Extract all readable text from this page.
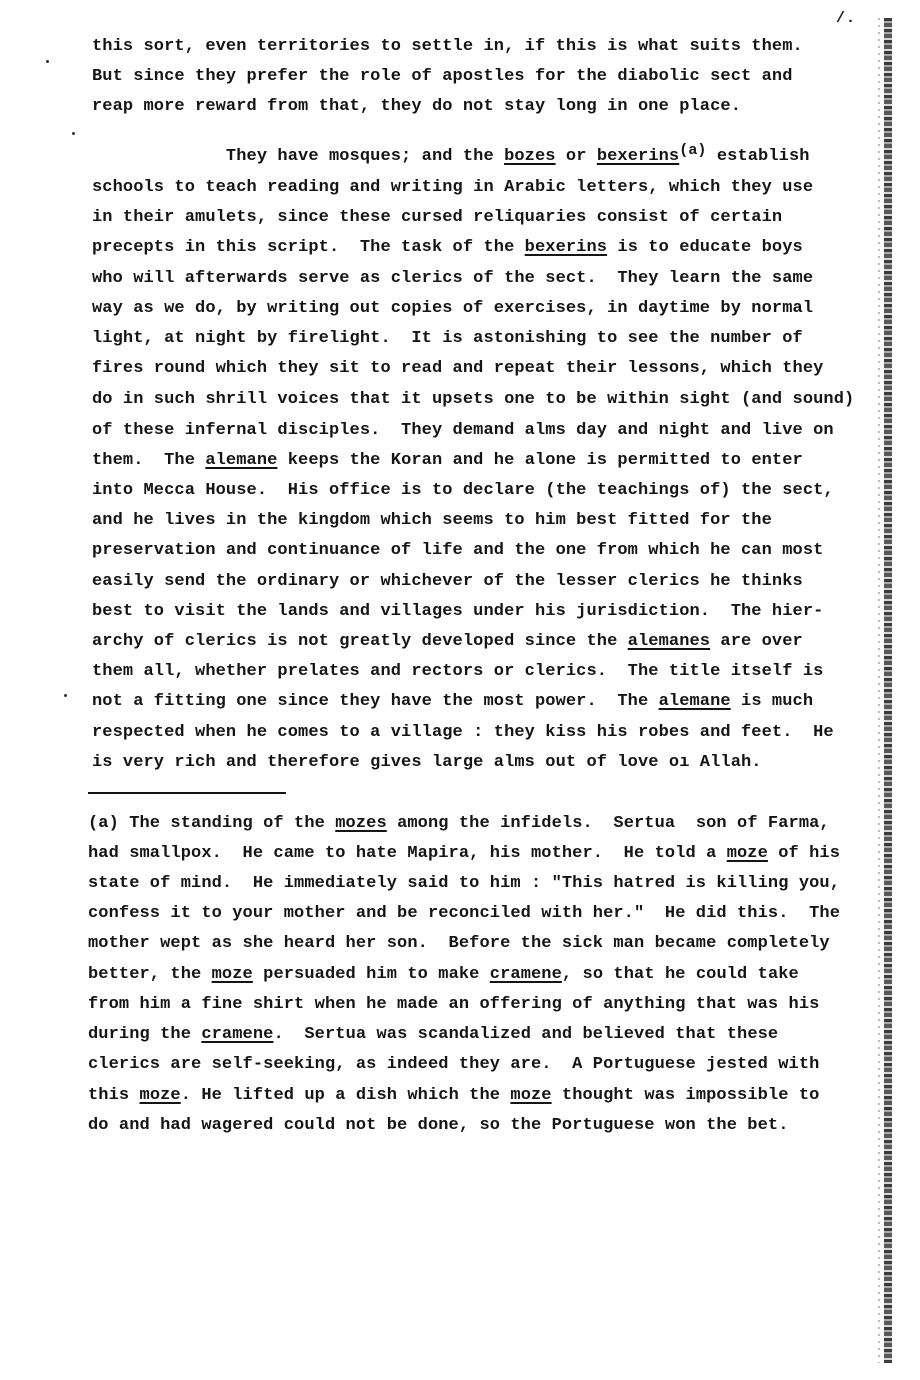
/.
this sort, even territories to settle in, if this is what suits them.
But since they prefer the role of apostles for the diabolic sect and
reap more reward from that, they do not stay long in one place.
They have mosques; and the bozes or bexerins$^{(a)}$ establish
schools to teach reading and writing in Arabic letters, which they use
in their amulets, since these cursed reliquaries consist of certain
precepts in this script.  The task of the bexerins is to educate boys
who will afterwards serve as clerics of the sect.  They learn the same
way as we do, by writing out copies of exercises, in daytime by normal
light, at night by firelight.  It is astonishing to see the number of
fires round which they sit to read and repeat their lessons, which they
do in such shrill voices that it upsets one to be within sight (and sound)
of these infernal disciples.  They demand alms day and night and live on
them.  The alemane keeps the Koran and he alone is permitted to enter
into Mecca House.  His office is to declare (the teachings of) the sect,
and he lives in the kingdom which seems to him best fitted for the
preservation and continuance of life and the one from which he can most
easily send the ordinary or whichever of the lesser clerics he thinks
best to visit the lands and villages under his jurisdiction.  The hier-
archy of clerics is not greatly developed since the alemanes are over
them all, whether prelates and rectors or clerics.  The title itself is
not a fitting one since they have the most power.  The alemane is much
respected when he comes to a village : they kiss his robes and feet.  He
is very rich and therefore gives large alms out of love oı Allah.
(a) The standing of the mozes among the infidels.  Sertua  son of Farma,
had smallpox.  He came to hate Mapira, his mother.  He told a moze of his
state of mind.  He immediately said to him : "This hatred is killing you,
confess it to your mother and be reconciled with her."  He did this.  The
mother wept as she heard her son.  Before the sick man became completely
better, the moze persuaded him to make cramene, so that he could take
from him a fine shirt when he made an offering of anything that was his
during the cramene.  Sertua was scandalized and believed that these
clerics are self-seeking, as indeed they are.  A Portuguese jested with
this moze. He lifted up a dish which the moze thought was impossible to
do and had wagered could not be done, so the Portuguese won the bet.
